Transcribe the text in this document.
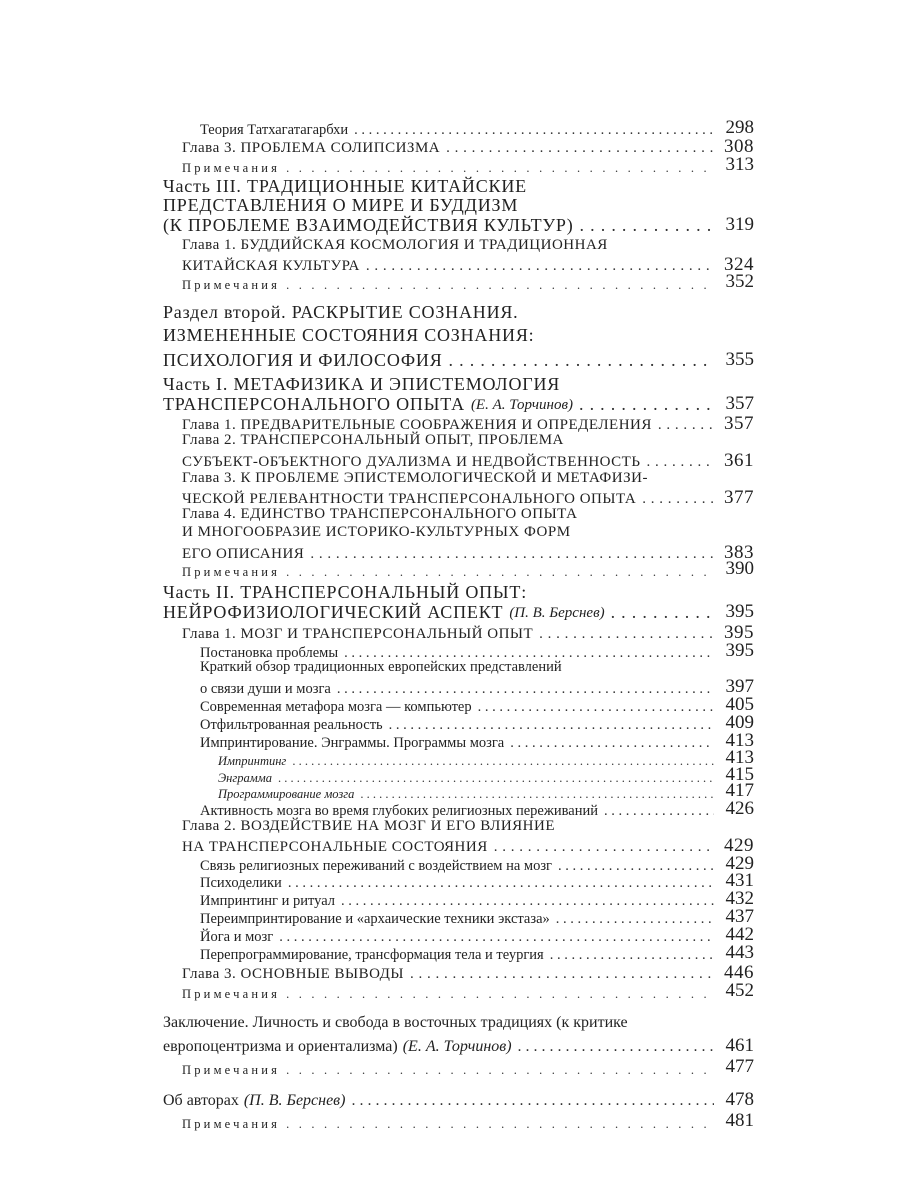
Теория Татхагатагарбхи . . .	298
Глава 3. ПРОБЛЕМА СОЛИПСИЗМА . . .	308
Примечания . . .	313
Часть III. ТРАДИЦИОННЫЕ КИТАЙСКИЕ
ПРЕДСТАВЛЕНИЯ О МИРЕ И БУДДИЗМ
(К ПРОБЛЕМЕ ВЗАИМОДЕЙСТВИЯ КУЛЬТУР) . . .	319
Глава 1. БУДДИЙСКАЯ КОСМОЛОГИЯ И ТРАДИЦИОННАЯ
КИТАЙСКАЯ КУЛЬТУРА . . .	324
Примечания . . .	352
Раздел второй. РАСКРЫТИЕ СОЗНАНИЯ.
ИЗМЕНЕННЫЕ СОСТОЯНИЯ СОЗНАНИЯ:
ПСИХОЛОГИЯ И ФИЛОСОФИЯ . . .	355
Часть I. МЕТАФИЗИКА И ЭПИСТЕМОЛОГИЯ
ТРАНСПЕРСОНАЛЬНОГО ОПЫТА (Е. А. Торчинов) . . .	357
Глава 1. ПРЕДВАРИТЕЛЬНЫЕ СООБРАЖЕНИЯ И ОПРЕДЕЛЕНИЯ . . .	357
Глава 2. ТРАНСПЕРСОНАЛЬНЫЙ ОПЫТ, ПРОБЛЕМА
СУБЪЕКТ-ОБЪЕКТНОГО ДУАЛИЗМА И НЕДВОЙСТВЕННОСТЬ . . .	361
Глава 3. К ПРОБЛЕМЕ ЭПИСТЕМОЛОГИЧЕСКОЙ И МЕТАФИЗИ-
ЧЕСКОЙ РЕЛЕВАНТНОСТИ ТРАНСПЕРСОНАЛЬНОГО ОПЫТА . . .	377
Глава 4. ЕДИНСТВО ТРАНСПЕРСОНАЛЬНОГО ОПЫТА
И МНОГООБРАЗИЕ ИСТОРИКО-КУЛЬТУРНЫХ ФОРМ
ЕГО ОПИСАНИЯ . . .	383
Примечания . . .	390
Часть II. ТРАНСПЕРСОНАЛЬНЫЙ ОПЫТ:
НЕЙРОФИЗИОЛОГИЧЕСКИЙ АСПЕКТ (П. В. Берснев) . . .	395
Глава 1. МОЗГ И ТРАНСПЕРСОНАЛЬНЫЙ ОПЫТ . . .	395
Постановка проблемы . . .	395
Краткий обзор традиционных европейских представлений
о связи души и мозга . . .	397
Современная метафора мозга — компьютер . . .	405
Отфильтрованная реальность . . .	409
Импринтирование. Энграммы. Программы мозга . . .	413
Импринтинг . . .	413
Энграмма . . .	415
Программирование мозга . . .	417
Активность мозга во время глубоких религиозных переживаний . . .	426
Глава 2. ВОЗДЕЙСТВИЕ НА МОЗГ И ЕГО ВЛИЯНИЕ
НА ТРАНСПЕРСОНАЛЬНЫЕ СОСТОЯНИЯ . . .	429
Связь религиозных переживаний с воздействием на мозг . . .	429
Психоделики . . .	431
Импринтинг и ритуал . . .	432
Переимпринтирование и «архаические техники экстаза» . . .	437
Йога и мозг . . .	442
Перепрограммирование, трансформация тела и теургия . . .	443
Глава 3. ОСНОВНЫЕ ВЫВОДЫ . . .	446
Примечания . . .	452
Заключение. Личность и свобода в восточных традициях (к критике
европоцентризма и ориентализма) (Е. А. Торчинов) . . .	461
Примечания . . .	477
Об авторах (П. В. Берснев) . . .	478
Примечания . . .	481
